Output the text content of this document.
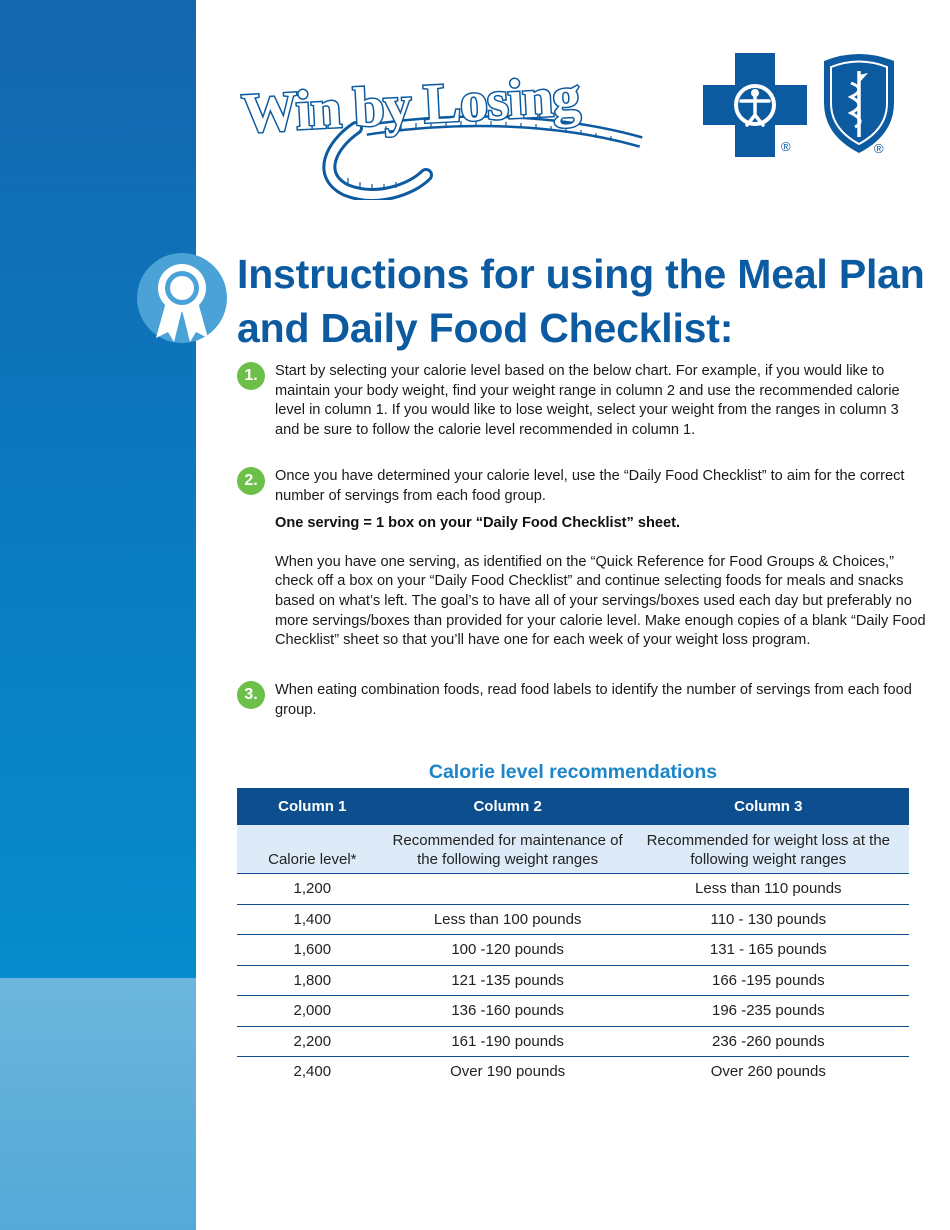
Win by Losing
®	®
Instructions for using the Meal Plan and Daily Food Checklist:
1.	Start by selecting your calorie level based on the below chart. For example, if you would like to maintain your body weight, find your weight range in column 2 and use the recommended calorie level in column 1. If you would like to lose weight, select your weight from the ranges in column 3 and be sure to follow the calorie level recommended in column 1.

2.	Once you have determined your calorie level, use the “Daily Food Checklist” to aim for the correct number of servings from each food group.

One serving = 1 box on your “Daily Food Checklist” sheet.

When you have one serving, as identified on the “Quick Reference for Food Groups & Choices,” check off a box on your “Daily Food Checklist” and continue selecting foods for meals and snacks based on what’s left. The goal’s to have all of your servings/boxes used each day but preferably no more servings/boxes than provided for your calorie level. Make enough copies of a blank “Daily Food Checklist” sheet so that you’ll have one for each week of your weight loss program.

3.	When eating combination foods, read food labels to identify the number of servings from each food group.

Calorie level recommendations
Column 1	Column 2	Column 3
Calorie level*	Recommended for maintenance of the following weight ranges	Recommended for weight loss at the following weight ranges
1,200		Less than 110 pounds
1,400	Less than 100 pounds	110 - 130 pounds
1,600	100 -120 pounds	131 - 165 pounds
1,800	121 -135 pounds	166 -195 pounds
2,000	136 -160 pounds	196 -235 pounds
2,200	161 -190 pounds	236 -260 pounds
2,400	Over 190 pounds	Over 260 pounds
